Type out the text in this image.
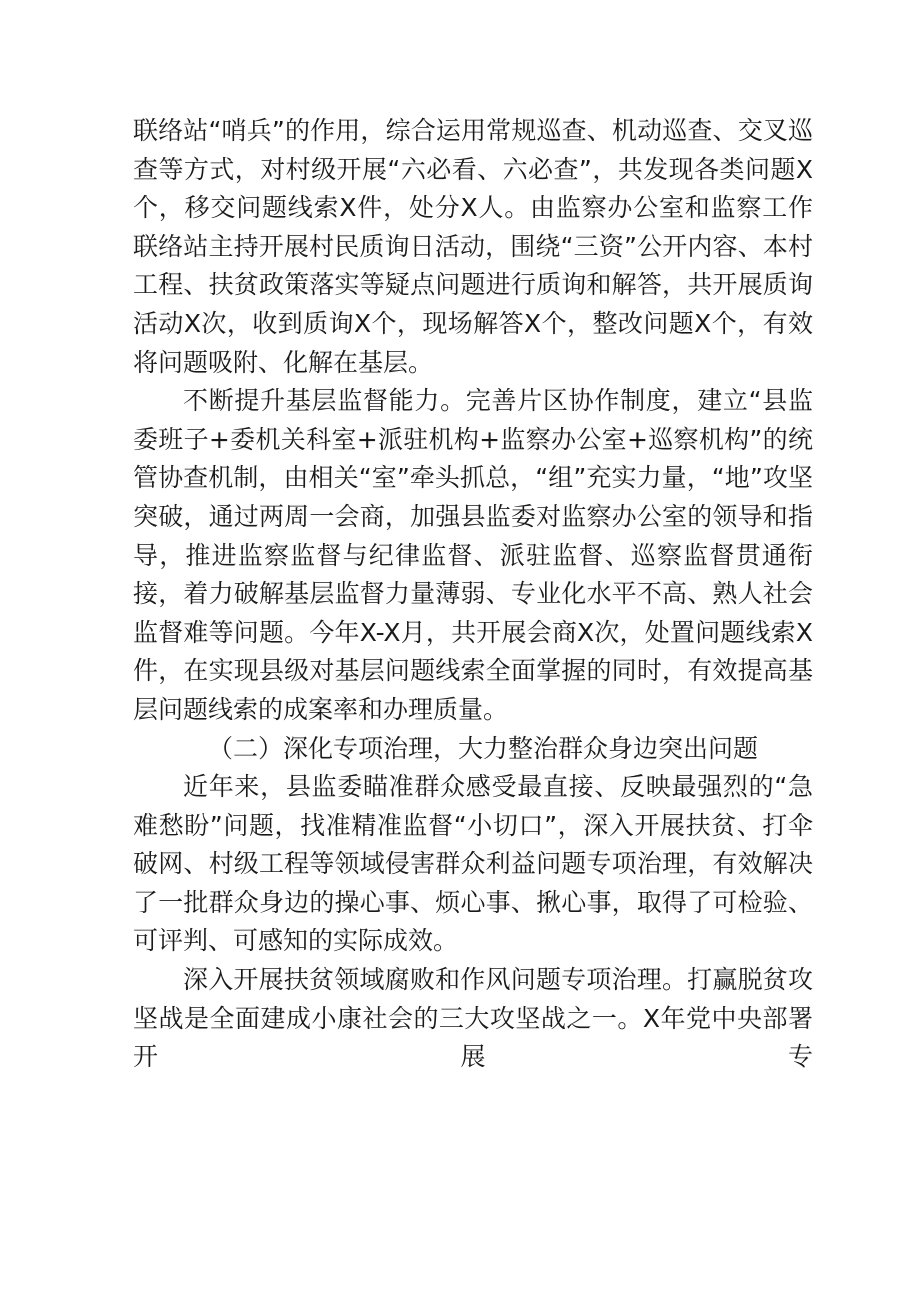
联络站“哨兵”的作用，综合运用常规巡查、机动巡查、交叉巡查等方式，对村级开展“六必看、六必查”，共发现各类问题X个，移交问题线索X件，处分X人。由监察办公室和监察工作联络站主持开展村民质询日活动，围绕“三资”公开内容、本村工程、扶贫政策落实等疑点问题进行质询和解答，共开展质询活动X次，收到质询X个，现场解答X个，整改问题X个，有效将问题吸附、化解在基层。

不断提升基层监督能力。完善片区协作制度，建立“县监委班子+委机关科室+派驻机构+监察办公室+巡察机构”的统管协查机制，由相关“室”牵头抓总，“组”充实力量，“地”攻坚突破，通过两周一会商，加强县监委对监察办公室的领导和指导，推进监察监督与纪律监督、派驻监督、巡察监督贯通衔接，着力破解基层监督力量薄弱、专业化水平不高、熟人社会监督难等问题。今年X-X月，共开展会商X次，处置问题线索X件，在实现县级对基层问题线索全面掌握的同时，有效提高基层问题线索的成案率和办理质量。

（二）深化专项治理，大力整治群众身边突出问题

近年来，县监委瞄准群众感受最直接、反映最强烈的“急难愁盼”问题，找准精准监督“小切口”，深入开展扶贫、打伞破网、村级工程等领域侵害群众利益问题专项治理，有效解决了一批群众身边的操心事、烦心事、揪心事，取得了可检验、可评判、可感知的实际成效。

深入开展扶贫领域腐败和作风问题专项治理。打赢脱贫攻坚战是全面建成小康社会的三大攻坚战之一。X年党中央部署开展专
